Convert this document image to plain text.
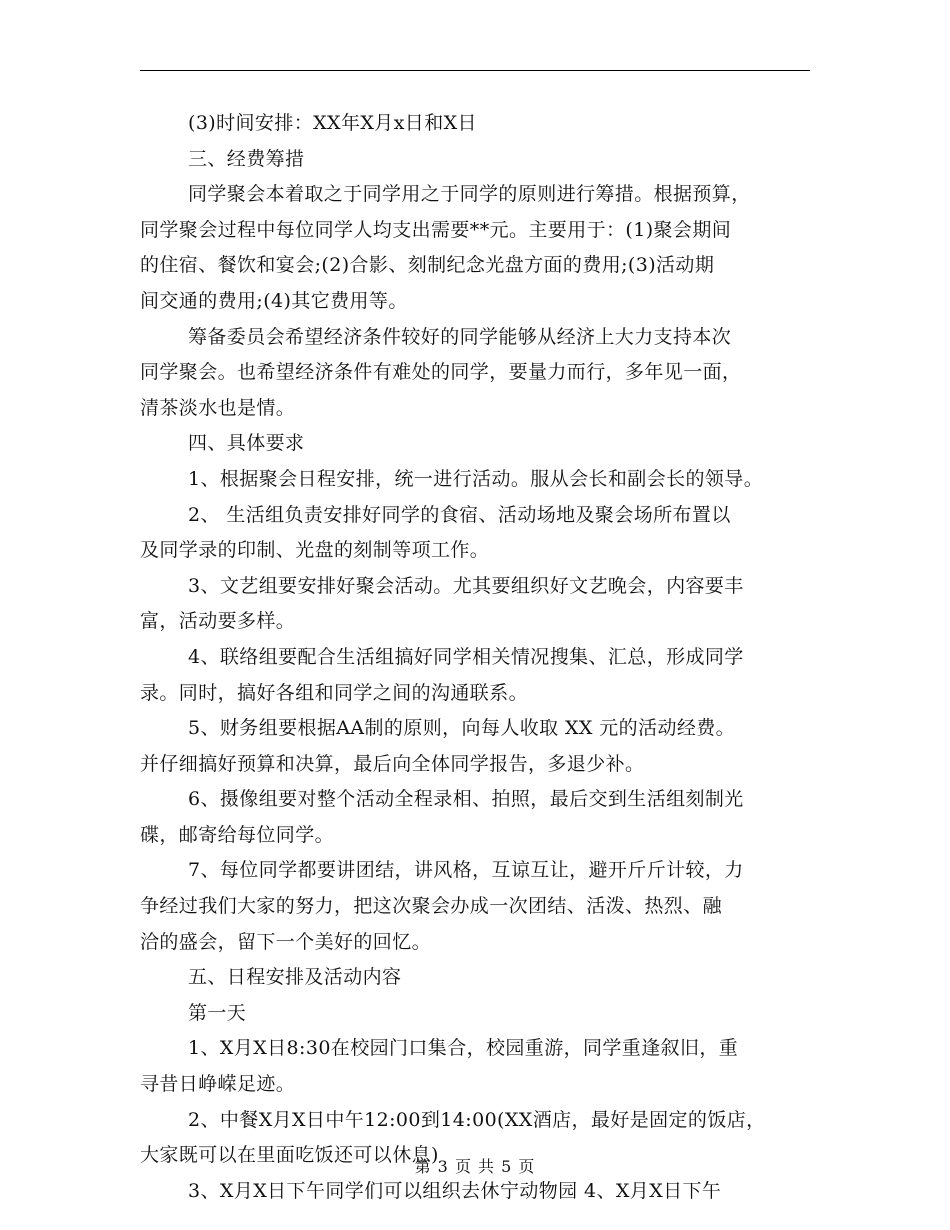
(3)时间安排：XX年X月x日和X日
三、经费筹措
同学聚会本着取之于同学用之于同学的原则进行筹措。根据预算，
同学聚会过程中每位同学人均支出需要**元。主要用于：(1)聚会期间
的住宿、餐饮和宴会;(2)合影、刻制纪念光盘方面的费用;(3)活动期
间交通的费用;(4)其它费用等。
筹备委员会希望经济条件较好的同学能够从经济上大力支持本次
同学聚会。也希望经济条件有难处的同学，要量力而行，多年见一面，
清茶淡水也是情。
四、具体要求
1、根据聚会日程安排，统一进行活动。服从会长和副会长的领导。
2、 生活组负责安排好同学的食宿、活动场地及聚会场所布置以
及同学录的印制、光盘的刻制等项工作。
3、文艺组要安排好聚会活动。尤其要组织好文艺晚会，内容要丰
富，活动要多样。
4、联络组要配合生活组搞好同学相关情况搜集、汇总，形成同学
录。同时，搞好各组和同学之间的沟通联系。
5、财务组要根据AA制的原则，向每人收取 XX 元的活动经费。
并仔细搞好预算和决算，最后向全体同学报告，多退少补。
6、摄像组要对整个活动全程录相、拍照，最后交到生活组刻制光
碟，邮寄给每位同学。
7、每位同学都要讲团结，讲风格，互谅互让，避开斤斤计较，力
争经过我们大家的努力，把这次聚会办成一次团结、活泼、热烈、融
洽的盛会，留下一个美好的回忆。
五、日程安排及活动内容
第一天
1、X月X日8:30在校园门口集合，校园重游，同学重逢叙旧，重
寻昔日峥嵘足迹。
2、中餐X月X日中午12:00到14:00(XX酒店，最好是固定的饭店，
大家既可以在里面吃饭还可以休息)
3、X月X日下午同学们可以组织去休宁动物园 4、X月X日下午
第 3 页 共 5 页
